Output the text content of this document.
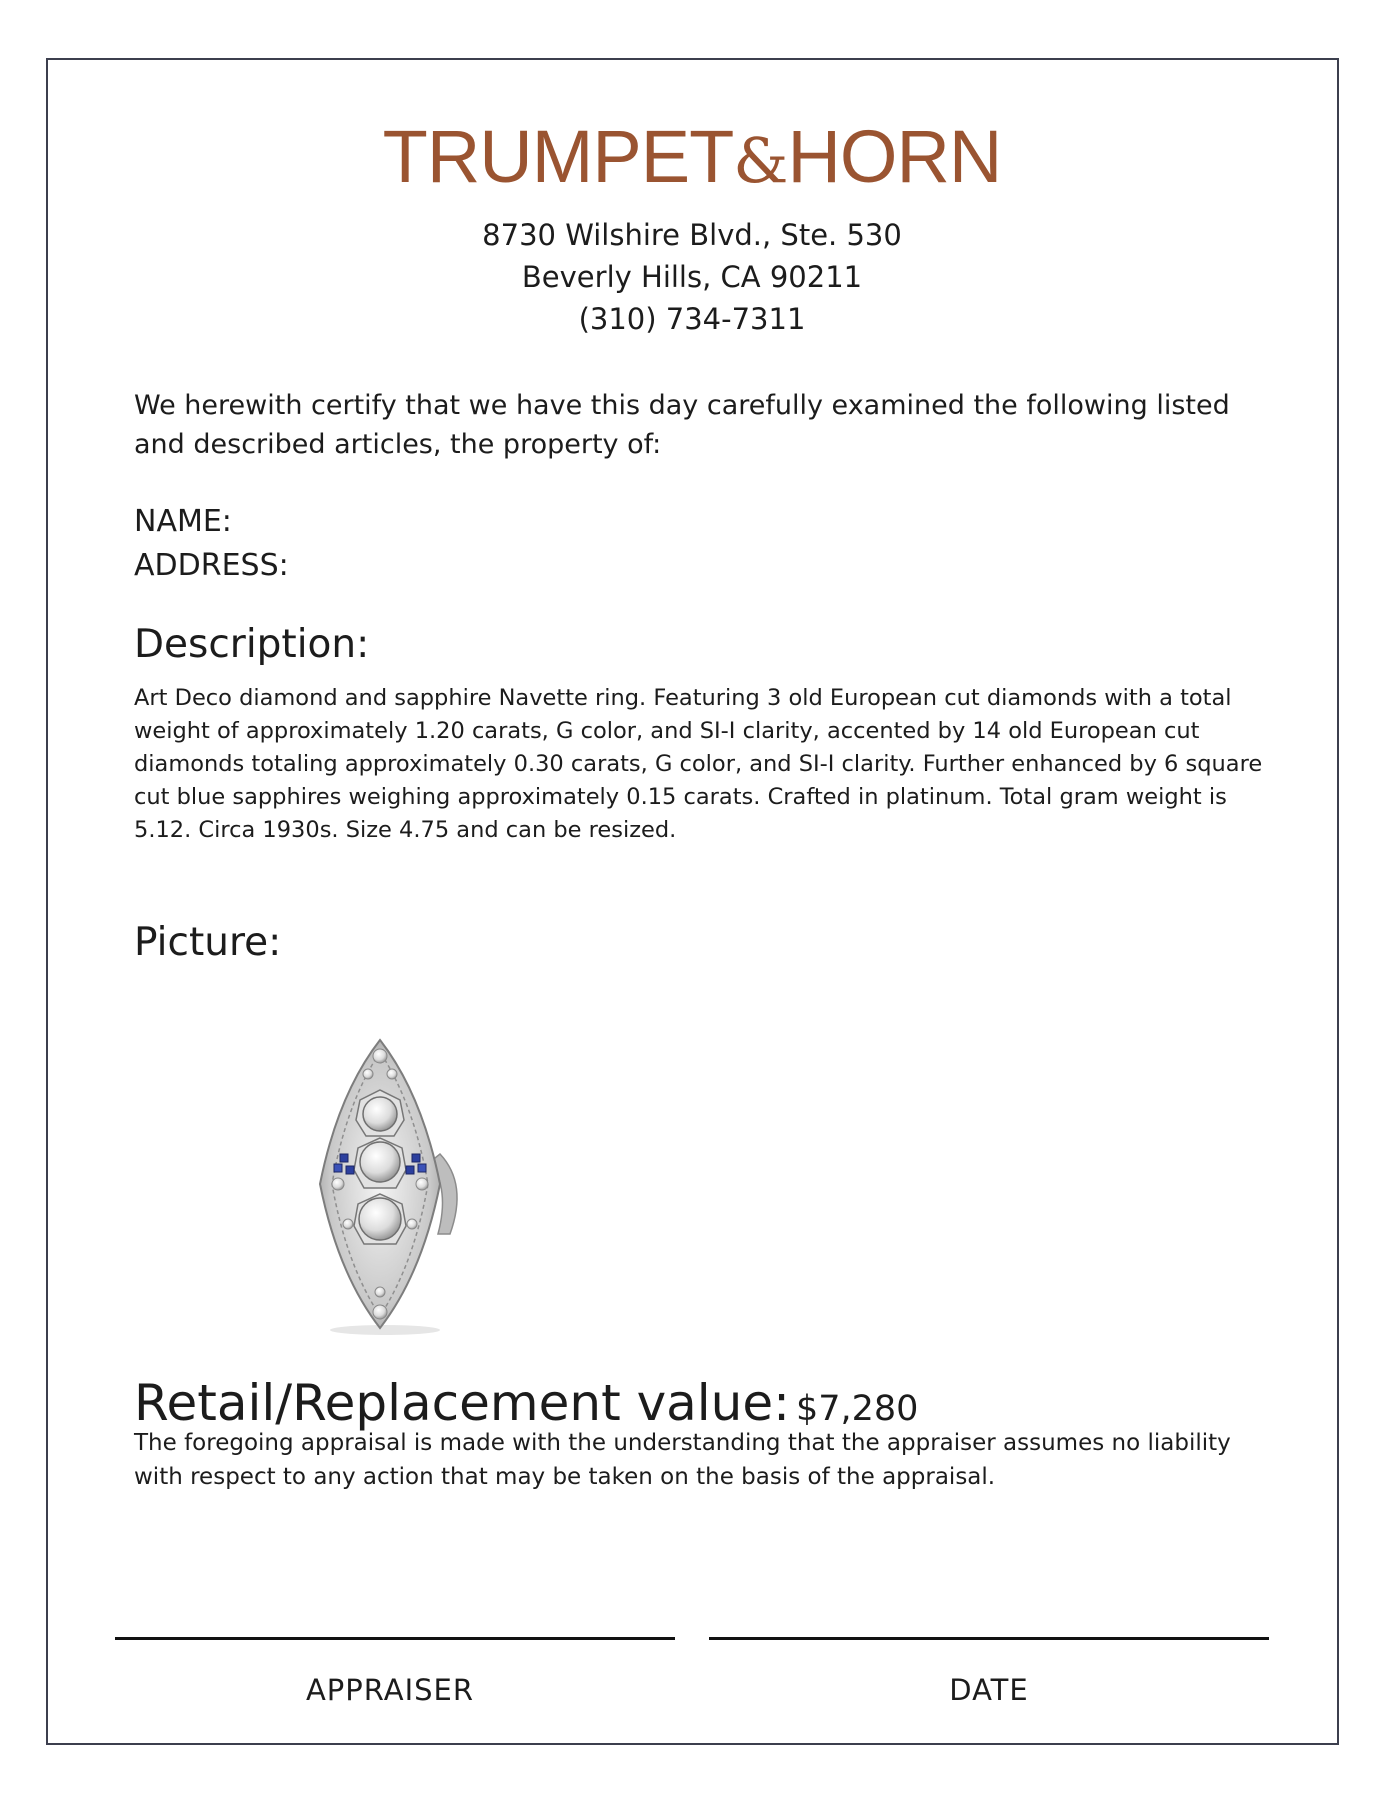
TRUMPET&HORN
8730 Wilshire Blvd., Ste. 530
Beverly Hills, CA 90211
(310) 734-7311
We herewith certify that we have this day carefully examined the following listed and described articles, the property of:
NAME:
ADDRESS:
Description:
Art Deco diamond and sapphire Navette ring. Featuring 3 old European cut diamonds with a total weight of approximately 1.20 carats, G color, and SI-I clarity, accented by 14 old European cut diamonds totaling approximately 0.30 carats, G color, and SI-I clarity. Further enhanced by 6 square cut blue sapphires weighing approximately 0.15 carats. Crafted in platinum. Total gram weight is 5.12. Circa 1930s. Size 4.75 and can be resized.
Picture:
Retail/Replacement value: $7,280
The foregoing appraisal is made with the understanding that the appraiser assumes no liability with respect to any action that may be taken on the basis of the appraisal.
APPRAISER	DATE
